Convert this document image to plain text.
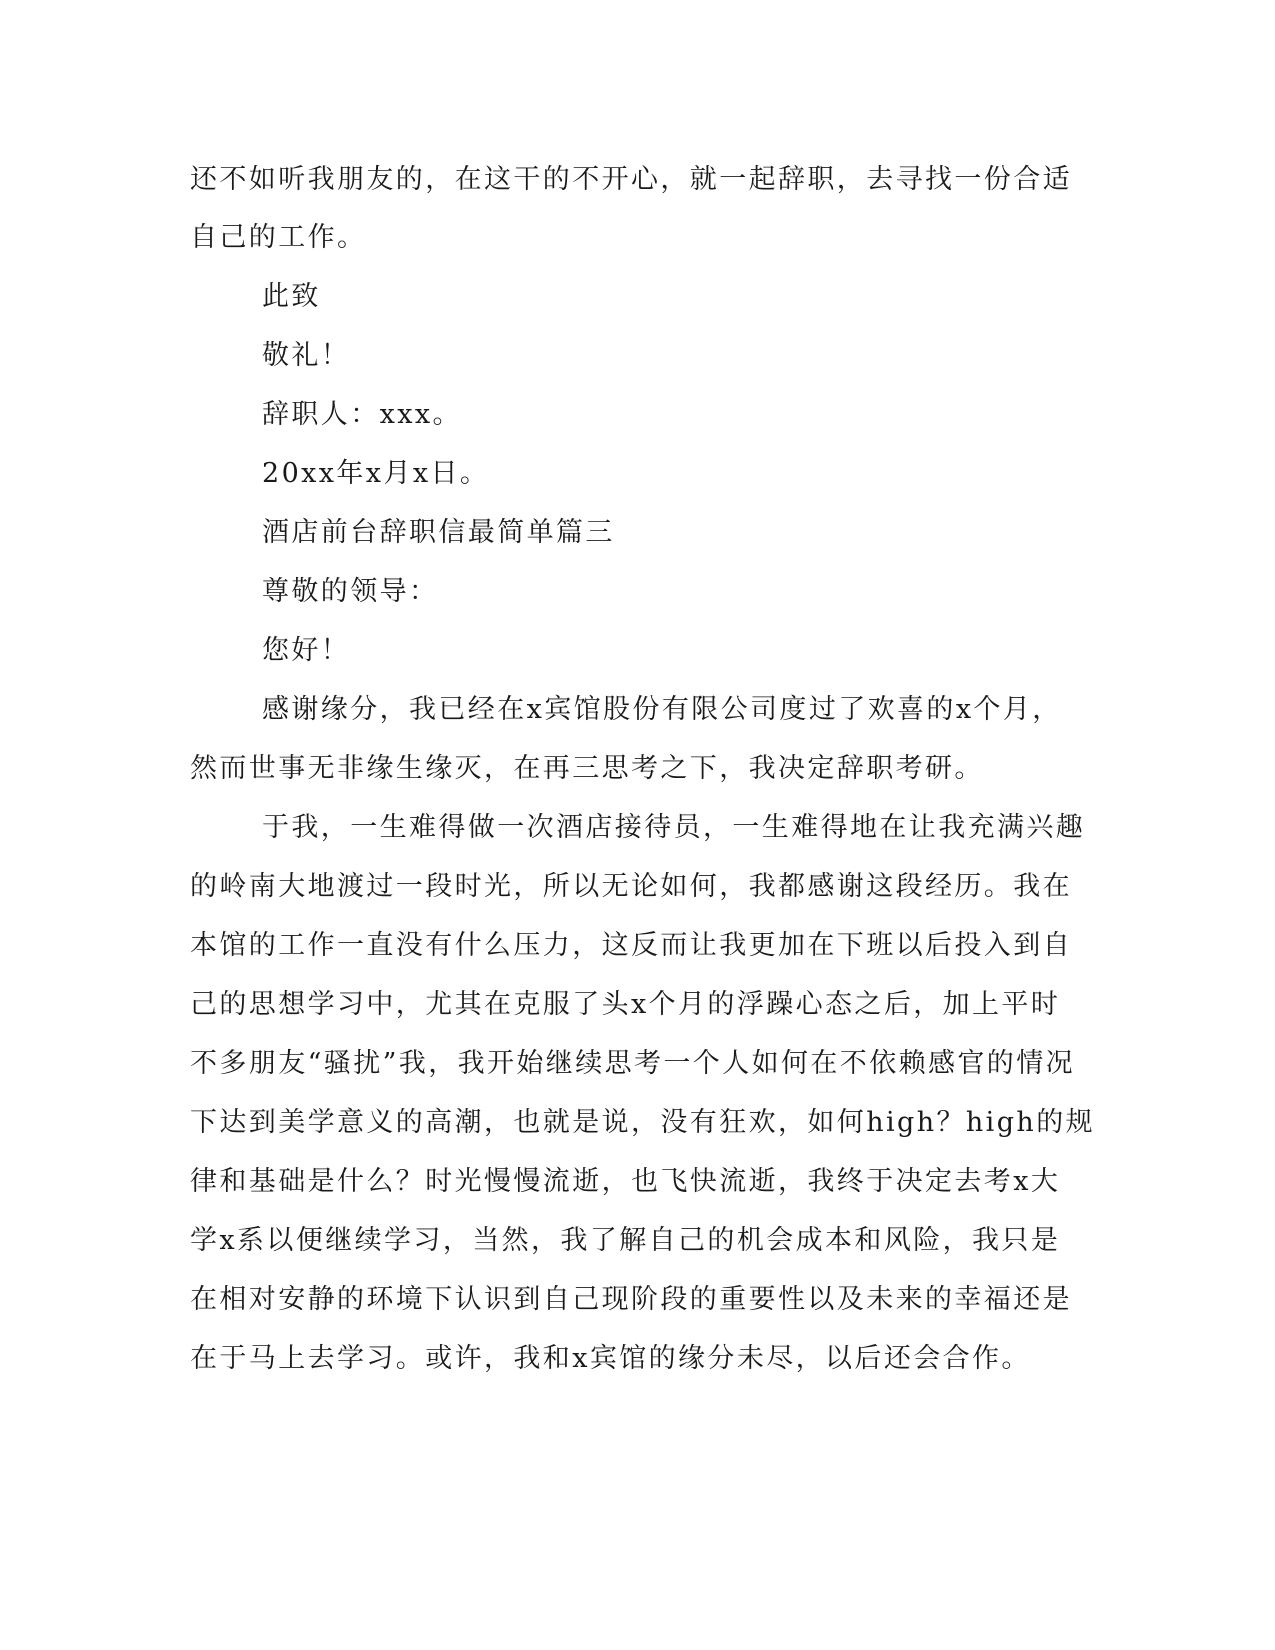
还不如听我朋友的，在这干的不开心，就一起辞职，去寻找一份合适
自己的工作。
此致
敬礼！
辞职人：xxx。
20xx年x月x日。
酒店前台辞职信最简单篇三
尊敬的领导：
您好！
感谢缘分，我已经在x宾馆股份有限公司度过了欢喜的x个月，
然而世事无非缘生缘灭，在再三思考之下，我决定辞职考研。
于我，一生难得做一次酒店接待员，一生难得地在让我充满兴趣
的岭南大地渡过一段时光，所以无论如何，我都感谢这段经历。我在
本馆的工作一直没有什么压力，这反而让我更加在下班以后投入到自
己的思想学习中，尤其在克服了头x个月的浮躁心态之后，加上平时
不多朋友“骚扰”我，我开始继续思考一个人如何在不依赖感官的情况
下达到美学意义的高潮，也就是说，没有狂欢，如何high？high的规
律和基础是什么？时光慢慢流逝，也飞快流逝，我终于决定去考x大
学x系以便继续学习，当然，我了解自己的机会成本和风险，我只是
在相对安静的环境下认识到自己现阶段的重要性以及未来的幸福还是
在于马上去学习。或许，我和x宾馆的缘分未尽，以后还会合作。
